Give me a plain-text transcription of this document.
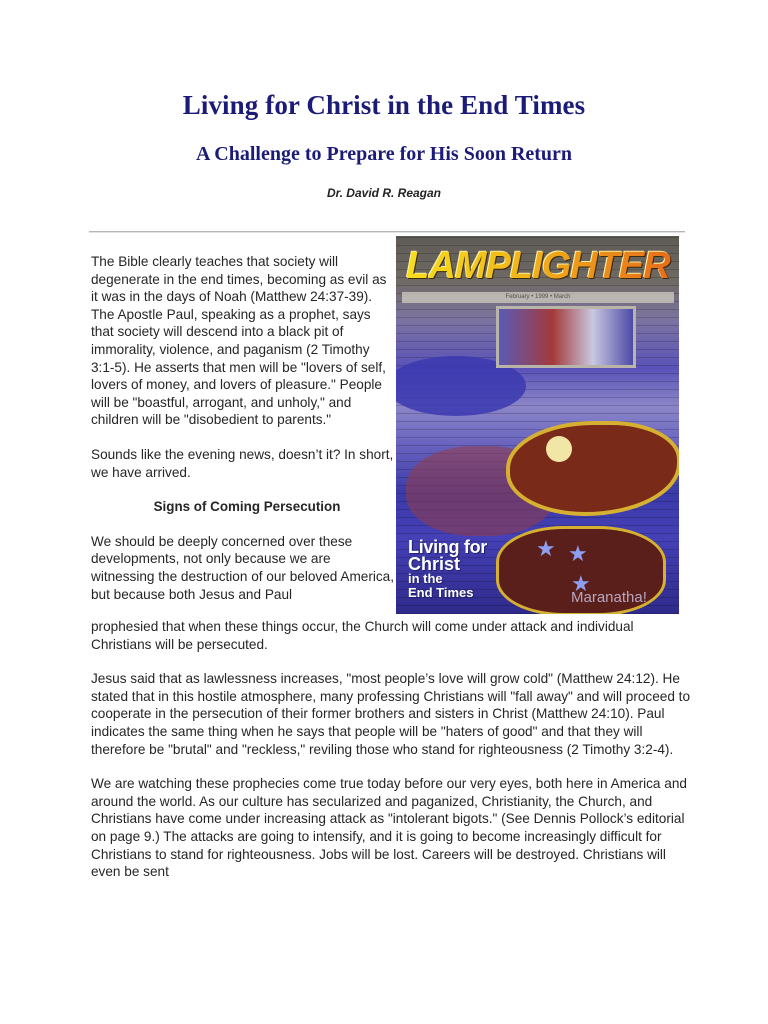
Living for Christ in the End Times
A Challenge to Prepare for His Soon Return
Dr. David R. Reagan
★ ★
★
LAMPLIGHTER
February • 1999 • March
Living for
Christ
in the
End Times	Maranatha!

The Bible clearly teaches that society will degenerate in the end times, becoming as evil as it was in the days of Noah (Matthew 24:37-39). The Apostle Paul, speaking as a prophet, says that society will descend into a black pit of immorality, violence, and paganism (2 Timothy 3:1-5). He asserts that men will be "lovers of self, lovers of money, and lovers of pleasure." People will be "boastful, arrogant, and unholy," and children will be "disobedient to parents."

Sounds like the evening news, doesn’t it? In short, we have arrived.

Signs of Coming Persecution

We should be deeply concerned over these developments, not only because we are witnessing the destruction of our beloved America, but because both Jesus and Paul

prophesied that when these things occur, the Church will come under attack and individual Christians will be persecuted.

Jesus said that as lawlessness increases, "most people’s love will grow cold" (Matthew 24:12). He stated that in this hostile atmosphere, many professing Christians will "fall away" and will proceed to cooperate in the persecution of their former brothers and sisters in Christ (Matthew 24:10). Paul indicates the same thing when he says that people will be "haters of good" and that they will therefore be "brutal" and "reckless," reviling those who stand for righteousness (2 Timothy 3:2-4).

We are watching these prophecies come true today before our very eyes, both here in America and around the world. As our culture has secularized and paganized, Christianity, the Church, and Christians have come under increasing attack as "intolerant bigots." (See Dennis Pollock’s editorial on page 9.) The attacks are going to intensify, and it is going to become increasingly difficult for Christians to stand for righteousness. Jobs will be lost. Careers will be destroyed. Christians will even be sent
